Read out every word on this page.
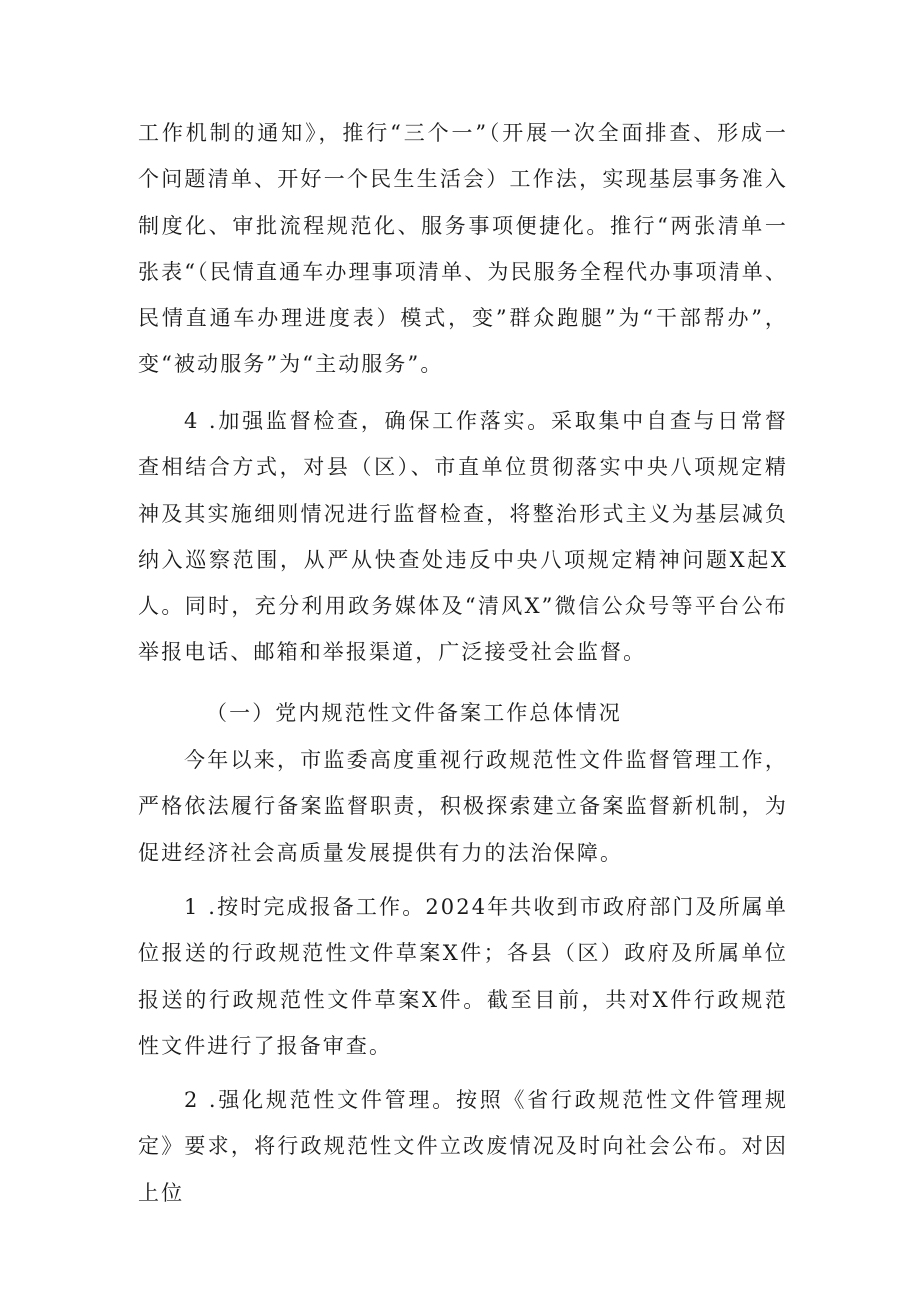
工作机制的通知》，推行“三个一”（开展一次全面排查、形成一个问题清单、开好一个民生生活会）工作法，实现基层事务准入制度化、审批流程规范化、服务事项便捷化。推行“两张清单一张表“（民情直通车办理事项清单、为民服务全程代办事项清单、民情直通车办理进度表）模式，变”群众跑腿”为“干部帮办”，变“被动服务”为“主动服务”。

4 .加强监督检查，确保工作落实。采取集中自查与日常督查相结合方式，对县（区）、市直单位贯彻落实中央八项规定精神及其实施细则情况进行监督检查，将整治形式主义为基层减负纳入巡察范围，从严从快查处违反中央八项规定精神问题X起X人。同时，充分利用政务媒体及“清风X”微信公众号等平台公布举报电话、邮箱和举报渠道，广泛接受社会监督。

（一）党内规范性文件备案工作总体情况

今年以来，市监委高度重视行政规范性文件监督管理工作，严格依法履行备案监督职责，积极探索建立备案监督新机制，为促进经济社会高质量发展提供有力的法治保障。

1 .按时完成报备工作。2024年共收到市政府部门及所属单位报送的行政规范性文件草案X件；各县（区）政府及所属单位报送的行政规范性文件草案X件。截至目前，共对X件行政规范性文件进行了报备审查。

2 .强化规范性文件管理。按照《省行政规范性文件管理规定》要求，将行政规范性文件立改废情况及时向社会公布。对因上位
